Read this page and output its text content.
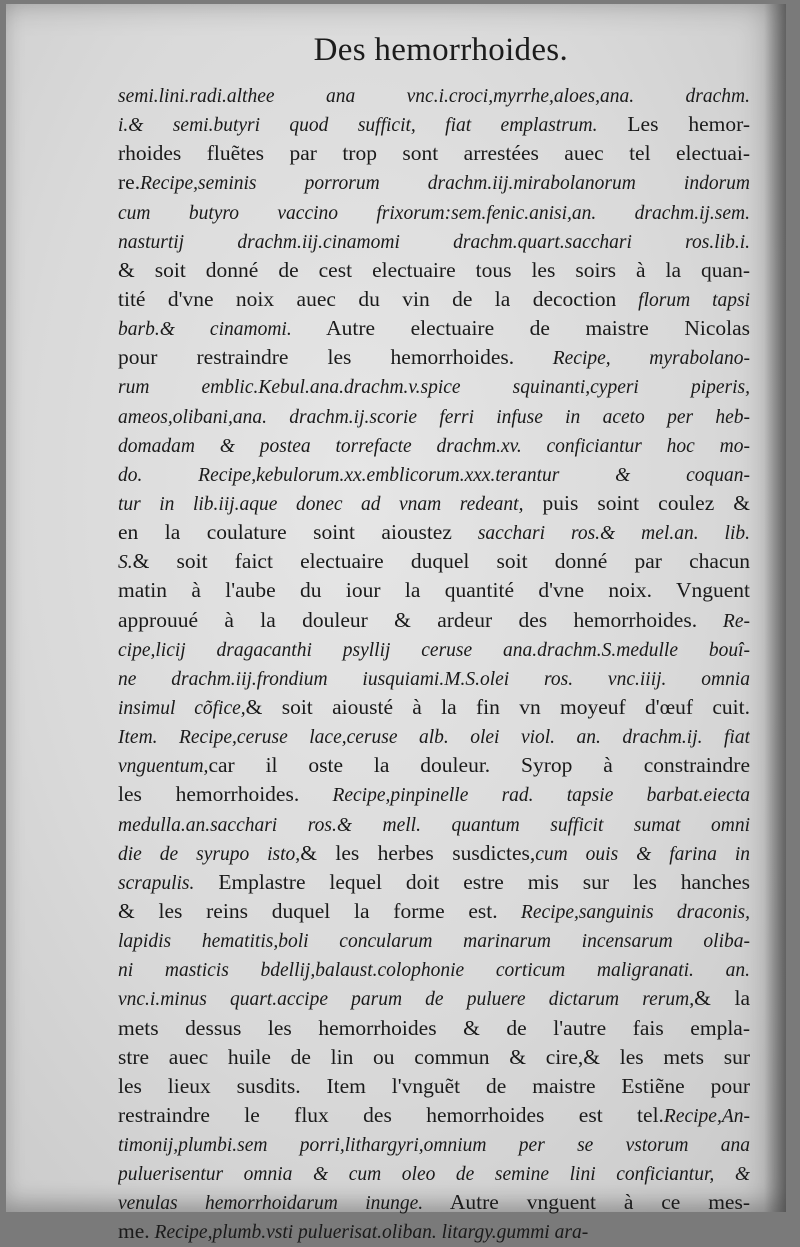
Des hemorrhoides.
semi.lini.radi.althee ana vnc.i.croci,myrrhe,aloes,ana. drachm.
i.& semi.butyri quod sufficit, fiat emplastrum. Les hemor-
rhoides fluẽtes par trop sont arrestées auec tel electuai-
re.Recipe,seminis porrorum drachm.iij.mirabolanorum indorum
cum butyro vaccino frixorum:sem.fenic.anisi,an. drachm.ij.sem.
nasturtij drachm.iij.cinamomi drachm.quart.sacchari ros.lib.i.
& soit donné de cest electuaire tous les soirs à la quan-
tité d'vne noix auec du vin de la decoction florum tapsi
barb.& cinamomi. Autre electuaire de maistre Nicolas
pour restraindre les hemorrhoides. Recipe, myrabolano-
rum emblic.Kebul.ana.drachm.v.spice squinanti,cyperi piperis,
ameos,olibani,ana. drachm.ij.scorie ferri infuse in aceto per heb-
domadam & postea torrefacte drachm.xv. conficiantur hoc mo-
do. Recipe,kebulorum.xx.emblicorum.xxx.terantur & coquan-
tur in lib.iij.aque donec ad vnam redeant, puis soint coulez &
en la coulature soint aioustez sacchari ros.& mel.an. lib.
S.& soit faict electuaire duquel soit donné par chacun
matin à l'aube du iour la quantité d'vne noix. Vnguent
approuué à la douleur & ardeur des hemorrhoides. Re-
cipe,licij dragacanthi psyllij ceruse ana.drachm.S.medulle bouî-
ne drachm.iij.frondium iusquiami.M.S.olei ros. vnc.iiij. omnia
insimul cõfice,& soit aiousté à la fin vn moyeuf d'œuf cuit.
Item. Recipe,ceruse lace,ceruse alb. olei viol. an. drachm.ij. fiat
vnguentum,car il oste la douleur. Syrop à constraindre
les hemorrhoides. Recipe,pinpinelle rad. tapsie barbat.eiecta
medulla.an.sacchari ros.& mell. quantum sufficit sumat omni
die de syrupo isto,& les herbes susdictes,cum ouis & farina in
scrapulis. Emplastre lequel doit estre mis sur les hanches
& les reins duquel la forme est. Recipe,sanguinis draconis,
lapidis hematitis,boli concularum marinarum incensarum oliba-
ni masticis bdellij,balaust.colophonie corticum maligranati. an.
vnc.i.minus quart.accipe parum de puluere dictarum rerum,& la
mets dessus les hemorrhoides & de l'autre fais empla-
stre auec huile de lin ou commun & cire,& les mets sur
les lieux susdits. Item l'vnguẽt de maistre Estiẽne pour
restraindre le flux des hemorrhoides est tel.Recipe,An-
timonij,plumbi.sem porri,lithargyri,omnium per se vstorum ana
puluerisentur omnia & cum oleo de semine lini conficiantur, &
venulas hemorrhoidarum inunge. Autre vnguent à ce mes-
me. Recipe,plumb.vsti puluerisat.oliban. litargy.gummi ara-
